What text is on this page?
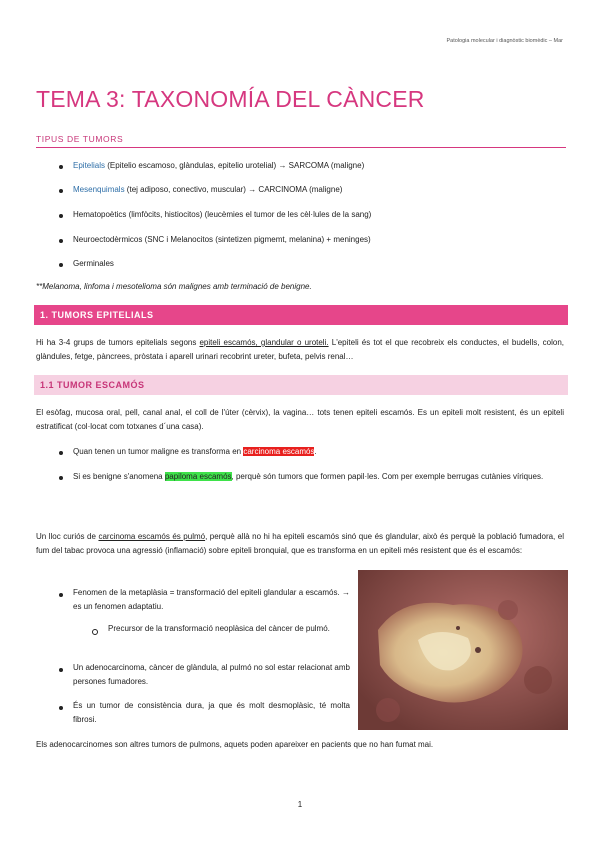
Patologia molecular i diagnòstic biomèdic – Mar
TEMA 3: TAXONOMÍA DEL CÀNCER
TIPUS DE TUMORS
Epitelials (Epitelio escamoso, glàndulas, epitelio urotelial) → SARCOMA (maligne)
Mesenquimals (tej adiposo, conectivo, muscular) → CARCINOMA (maligne)
Hematopoètics (limfòcits, histiocitos) (leucèmies el tumor de les cèl·lules de la sang)
Neuroectodèrmicos (SNC i Melanocitos (sintetizen pigmemt, melanina) + meninges)
Germinales
**Melanoma, linfoma i mesotelioma són malignes amb terminació de benigne.
1. TUMORS EPITELIALS
Hi ha 3-4 grups de tumors epitelials segons epiteli escamós, glandular o uroteli. L'epiteli és tot el que recobreix els conductes, el budells, colon, glàndules, fetge, pàncrees, pròstata i aparell urinari recobrint ureter, bufeta, pelvis renal…
1.1 TUMOR ESCAMÓS
El esòfag, mucosa oral, pell, canal anal, el coll de l'úter (cèrvix), la vagina… tots tenen epiteli escamós. Es un epiteli molt resistent, és un epiteli estratificat (col·locat com totxanes d´una casa).
Quan tenen un tumor maligne es transforma en carcinoma escamós.
Si es benigne s'anomena papiloma escamós, perquè són tumors que formen papil·les. Com per exemple berrugas cutànies víriques.
Un lloc curiós de carcinoma escamós és pulmó, perquè allà no hi ha epiteli escamós sinó que és glandular, això és perquè la població fumadora, el fum del tabac provoca una agressió (inflamació) sobre epiteli bronquial, que es transforma en un epiteli més resistent que és el escamós:
Fenomen de la metaplàsia = transformació del epiteli glandular a escamós. → es un fenomen adaptatiu.
Precursor de la transformació neoplàsica del càncer de pulmó.
Un adenocarcinoma, càncer de glàndula, al pulmó no sol estar relacionat amb persones fumadores.
És un tumor de consistència dura, ja que és molt desmoplàsic, té molta fibrosi.
Els adenocarcinomes son altres tumors de pulmons, aquets poden apareixer en pacients que no han fumat mai.
1
